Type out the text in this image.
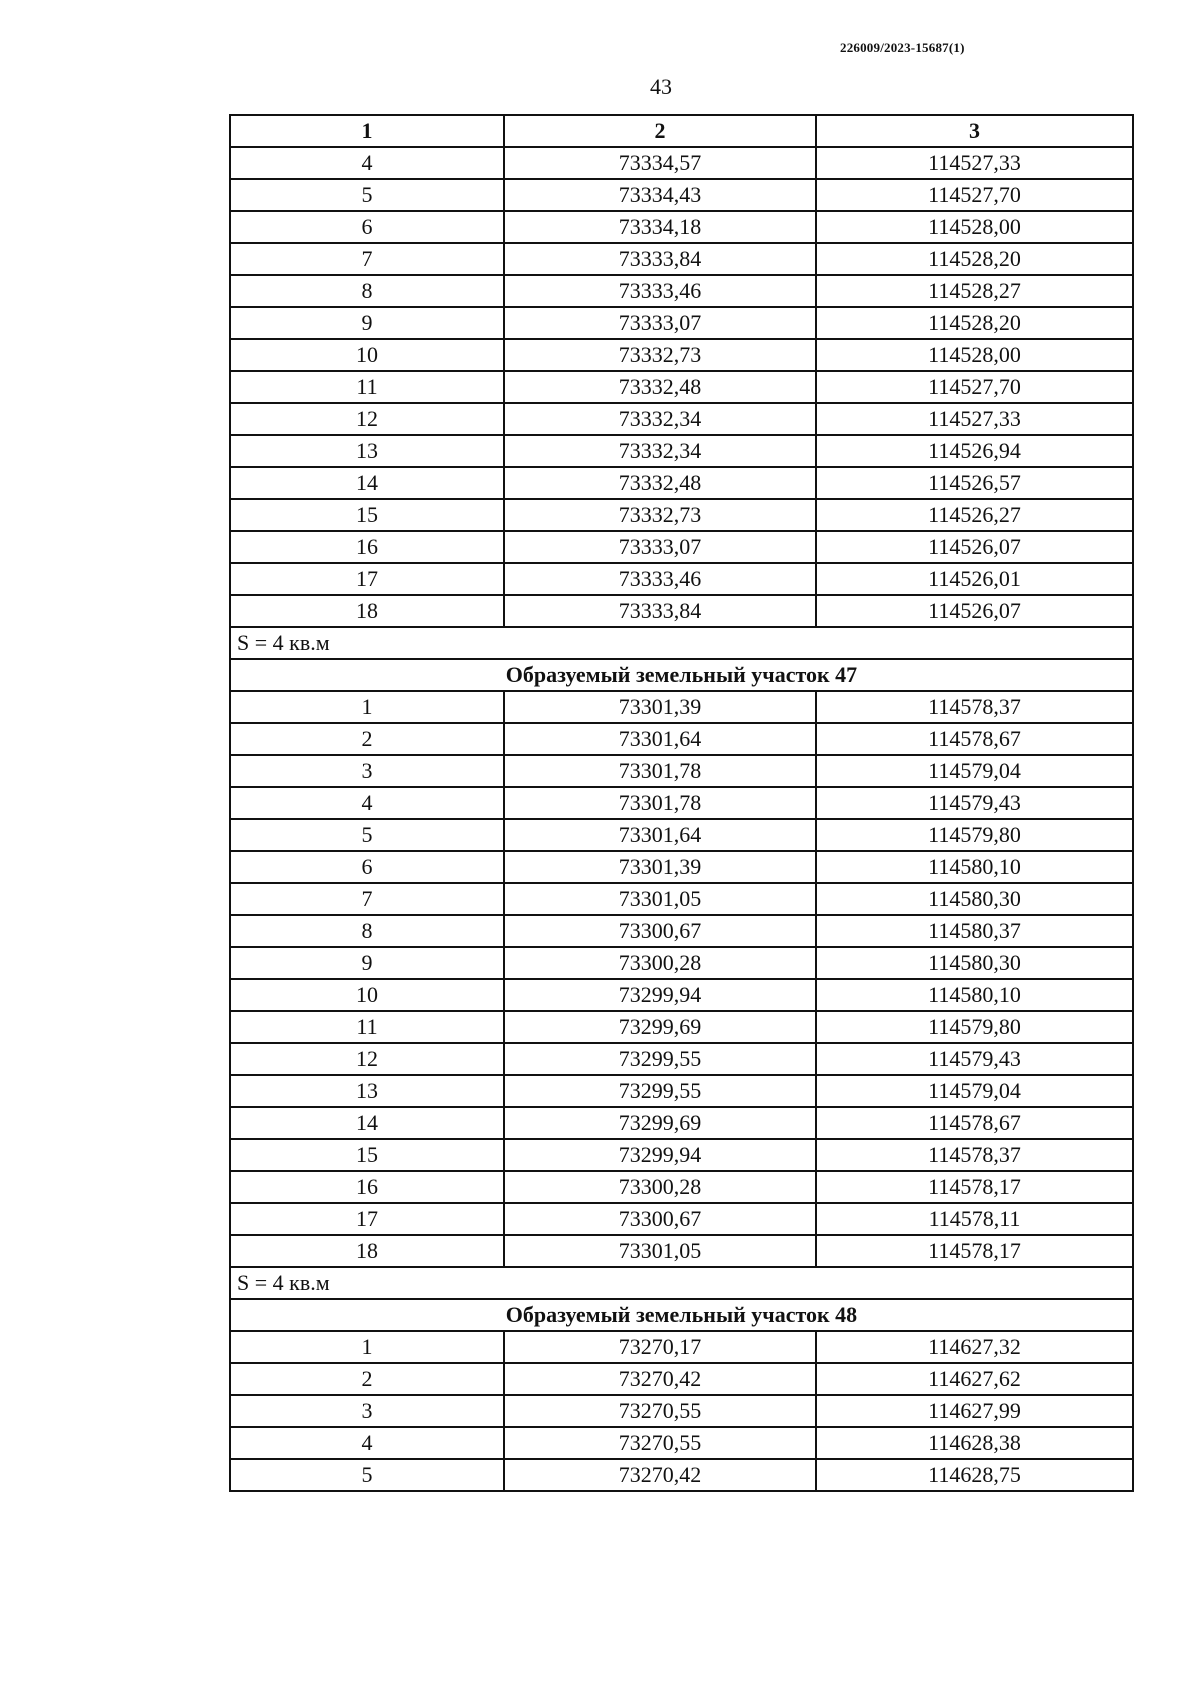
226009/2023-15687(1)
43
1	2	3
4	73334,57	114527,33
5	73334,43	114527,70
6	73334,18	114528,00
7	73333,84	114528,20
8	73333,46	114528,27
9	73333,07	114528,20
10	73332,73	114528,00
11	73332,48	114527,70
12	73332,34	114527,33
13	73332,34	114526,94
14	73332,48	114526,57
15	73332,73	114526,27
16	73333,07	114526,07
17	73333,46	114526,01
18	73333,84	114526,07
S = 4 кв.м		
Образуемый земельный участок 47		
1	73301,39	114578,37
2	73301,64	114578,67
3	73301,78	114579,04
4	73301,78	114579,43
5	73301,64	114579,80
6	73301,39	114580,10
7	73301,05	114580,30
8	73300,67	114580,37
9	73300,28	114580,30
10	73299,94	114580,10
11	73299,69	114579,80
12	73299,55	114579,43
13	73299,55	114579,04
14	73299,69	114578,67
15	73299,94	114578,37
16	73300,28	114578,17
17	73300,67	114578,11
18	73301,05	114578,17
S = 4 кв.м		
Образуемый земельный участок 48		
1	73270,17	114627,32
2	73270,42	114627,62
3	73270,55	114627,99
4	73270,55	114628,38
5	73270,42	114628,75
